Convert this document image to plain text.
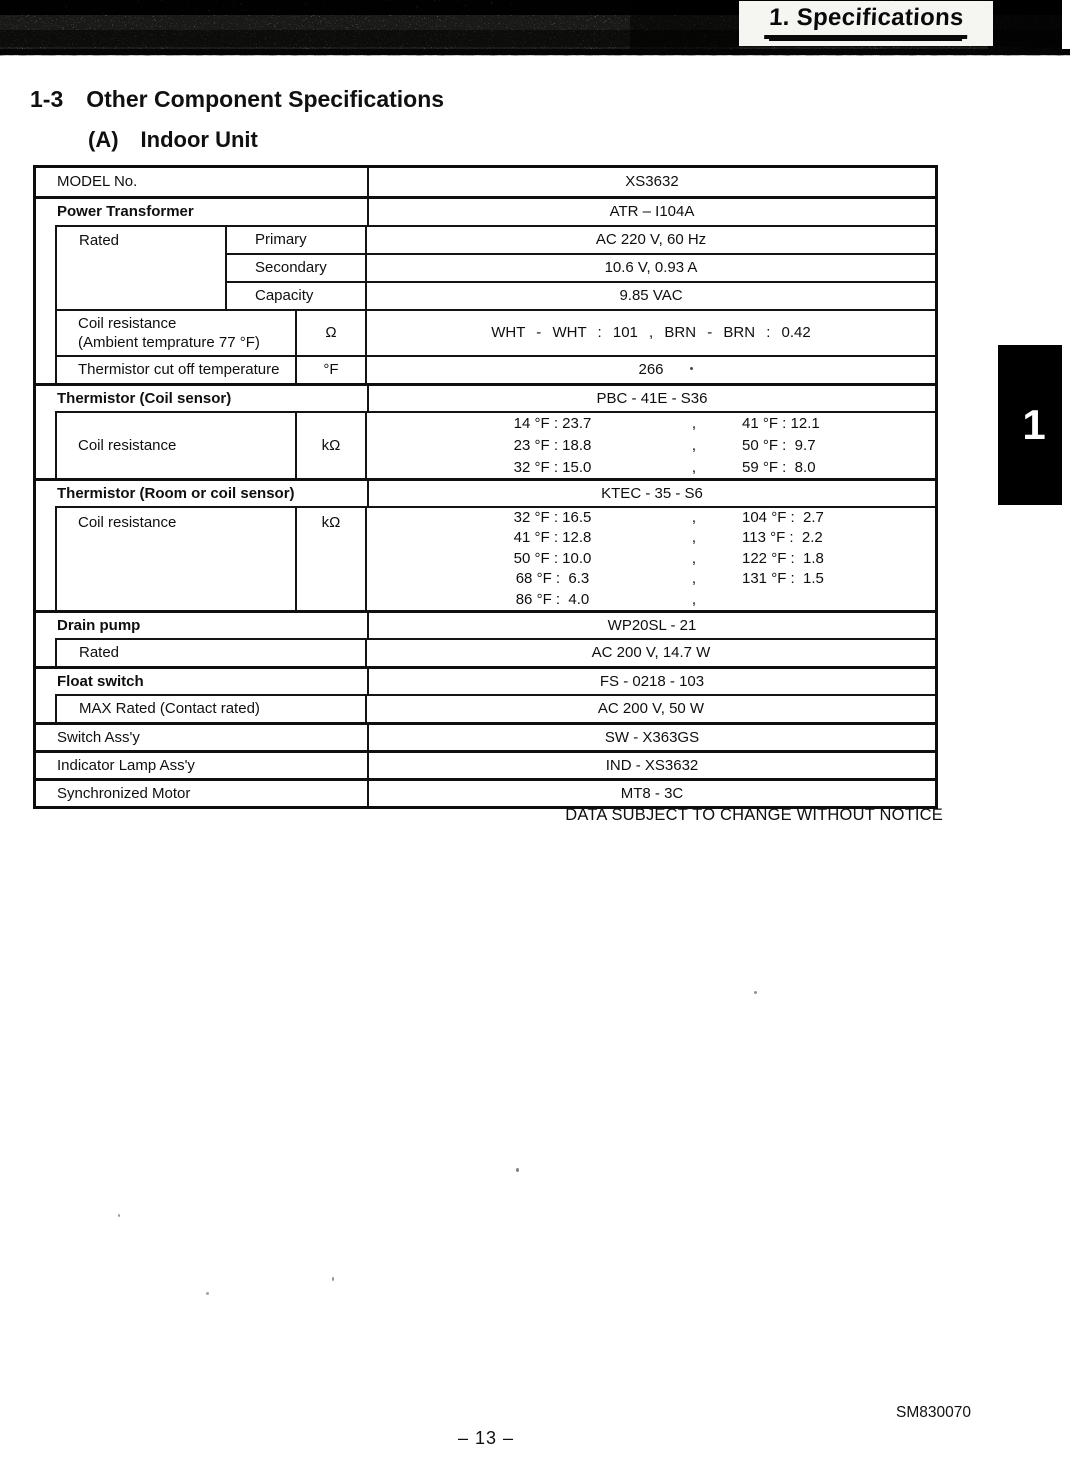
1. Specifications
1-3 Other Component Specifications
(A) Indoor Unit
1
MODEL No.	XS3632
Power Transformer	ATR – I104A
Rated	Primary	AC 220 V, 60 Hz
Secondary	10.6 V, 0.93 A
Capacity	9.85 VAC
Coil resistance
(Ambient temprature 77 °F)
Ω	WHT - WHT : 101 , BRN - BRN : 0.42
Thermistor cut off temperature	°F	266
Thermistor (Coil sensor)	PBC - 41E - S36
Coil resistance	kΩ
14 °F : 23.7	,	41 °F : 12.1
23 °F : 18.8	,	50 °F :  9.7
32 °F : 15.0	,	59 °F :  8.0
Thermistor (Room or coil sensor)	KTEC - 35 - S6
Coil resistance	kΩ	32 °F : 16.5	,	104 °F :  2.7
41 °F : 12.8	,	113 °F :  2.2
50 °F : 10.0	,	122 °F :  1.8
68 °F :  6.3	,	131 °F :  1.5
86 °F :  4.0	,
Drain pump	WP20SL - 21
Rated	AC 200 V, 14.7 W
Float switch	FS - 0218 - 103
MAX Rated (Contact rated)	AC 200 V, 50 W
Switch Ass'y	SW - X363GS
Indicator Lamp Ass'y	IND - XS3632
Synchronized Motor	MT8 - 3C
DATA SUBJECT TO CHANGE WITHOUT NOTICE
– 13 –
SM830070
